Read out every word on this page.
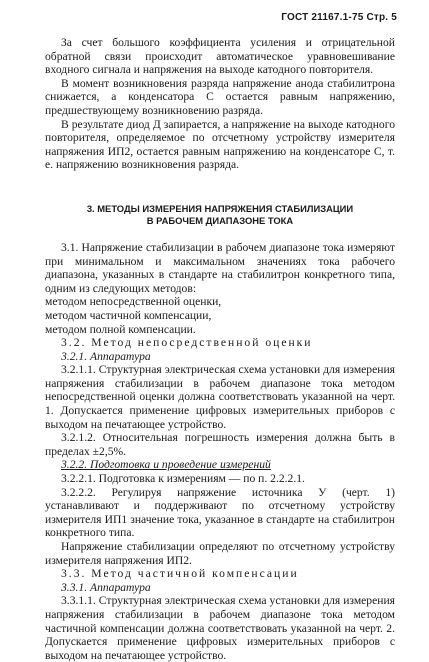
ГОСТ 21167.1-75 Стр. 5

За счет большого коэффициента усиления и отрицательной обратной связи происходит автоматическое уравновешивание входного сигнала и напряжения на выходе катодного повторителя.

В момент возникновения разряда напряжение анода стабилитрона снижается, а конденсатора С остается равным напряжению, предшествующему возникновению разряда.

В результате диод Д запирается, а напряжение на выходе катодного повторителя, определяемое по отсчетному устройству измерителя напряжения ИП2, остается равным напряжению на конденсаторе С, т. е. напряжению возникновения разряда.

3. МЕТОДЫ ИЗМЕРЕНИЯ НАПРЯЖЕНИЯ СТАБИЛИЗАЦИИ

В РАБОЧЕМ ДИАПАЗОНЕ ТОКА

3.1. Напряжение стабилизации в рабочем диапазоне тока измеряют при минимальном и максимальном значениях тока рабочего диапазона, указанных в стандарте на стабилитрон конкретного типа, одним из следующих методов:

методом непосредственной оценки,

методом частичной компенсации,

методом полной компенсации.

3.2. Метод непосредственной оценки

3.2.1. Аппаратура

3.2.1.1. Структурная электрическая схема установки для измерения напряжения стабилизации в рабочем диапазоне тока методом непосредственной оценки должна соответствовать указанной на черт. 1. Допускается применение цифровых измерительных приборов с выходом на печатающее устройство.

3.2.1.2. Относительная погрешность измерения должна быть в пределах ±2,5%.

3.2.2. Подготовка и проведение измерений

3.2.2.1. Подготовка к измерениям — по п. 2.2.2.1.

3.2.2.2. Регулируя напряжение источника У (черт. 1) устанавливают и поддерживают по отсчетному устройству измерителя ИП1 значение тока, указанное в стандарте на стабилитрон конкретного типа.

Напряжение стабилизации определяют по отсчетному устройству измерителя напряжения ИП2.

3.3. Метод частичной компенсации

3.3.1. Аппаратура

3.3.1.1. Структурная электрическая схема установки для измерения напряжения стабилизации в рабочем диапазоне тока методом частичной компенсации должна соответствовать указанной на черт. 2. Допускается применение цифровых измерительных приборов с выходом на печатающее устройство.
